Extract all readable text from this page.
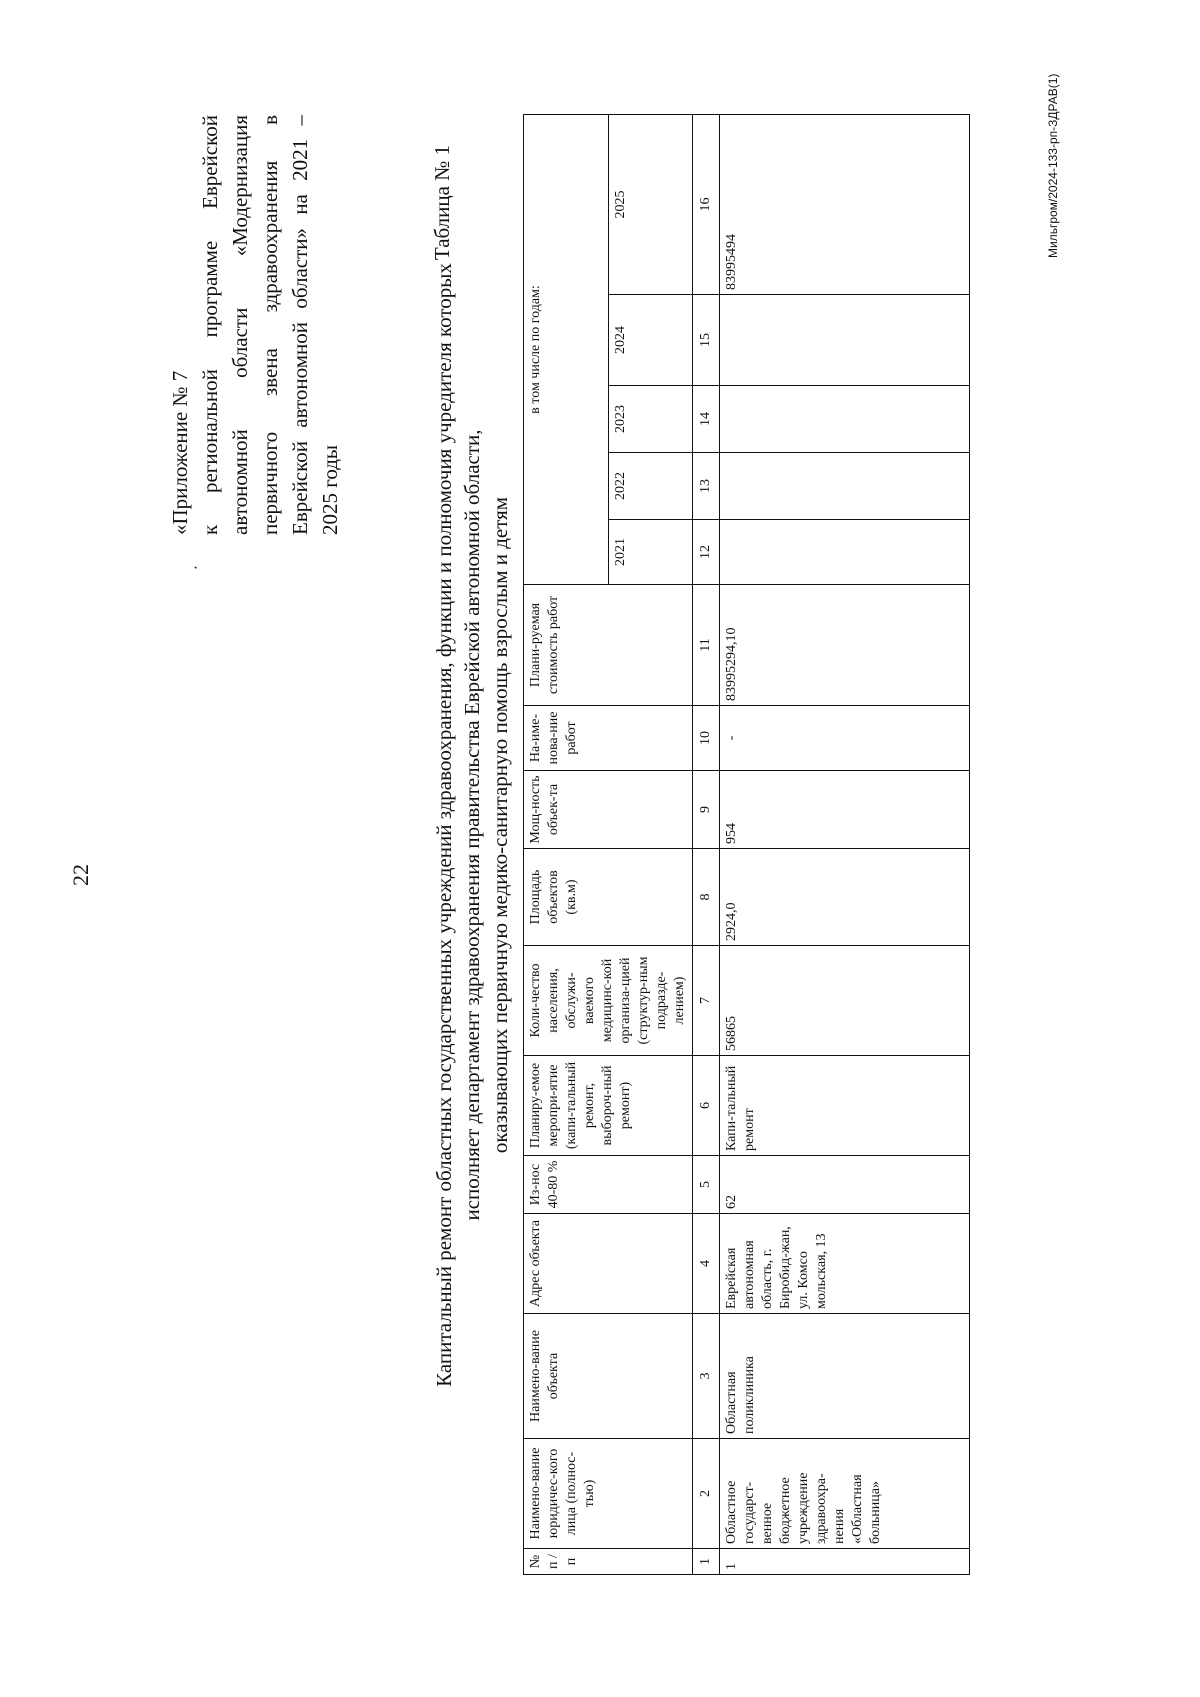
22
·
Мильгром/2024-133-рп-ЗДРАВ(1)

«Приложение № 7 к региональной программе Еврейской автономной области «Модернизация первичного звена здравоохранения в Еврейской автономной области» на 2021 – 2025 годы

Таблица № 1

Капитальный ремонт областных государственных учреждений здравоохранения, функции и полномочия учредителя которых исполняет департамент здравоохранения правительства Еврейской автономной области, оказывающих первичную медико-санитарную помощь взрослым и детям

№ п / п	Наимено-вание юридичес-кого лица (полнос-тью)	Наимено-вание объекта	Адрес объекта	Из-нос 40-80 %	Планиру-емое меропри-ятие (капи-тальный ремонт, выбороч-ный ремонт)	Коли-чество населения, обслужи-ваемого медицинс-кой организа-цией (структур-ным подразде-лением)	Площадь объектов (кв.м)	Мощ-ность объек-та	На-име-нова-ние работ	Плани-руемая стоимость работ	в том числе по годам:				
											2021	2022	2023	2024	2025
1	2	3	4	5	6	7	8	9	10	11	12	13	14	15	16
1	Областное государст-венное бюджетное учреждение здравоохра-нения «Областная больница»	Областная поликлиника	Еврейская автономная область, г. Биробид-жан, ул. Комсо мольская, 13	62	Капи-тальный ремонт	56865	2924,0	954	-	83995294,10					83995494
